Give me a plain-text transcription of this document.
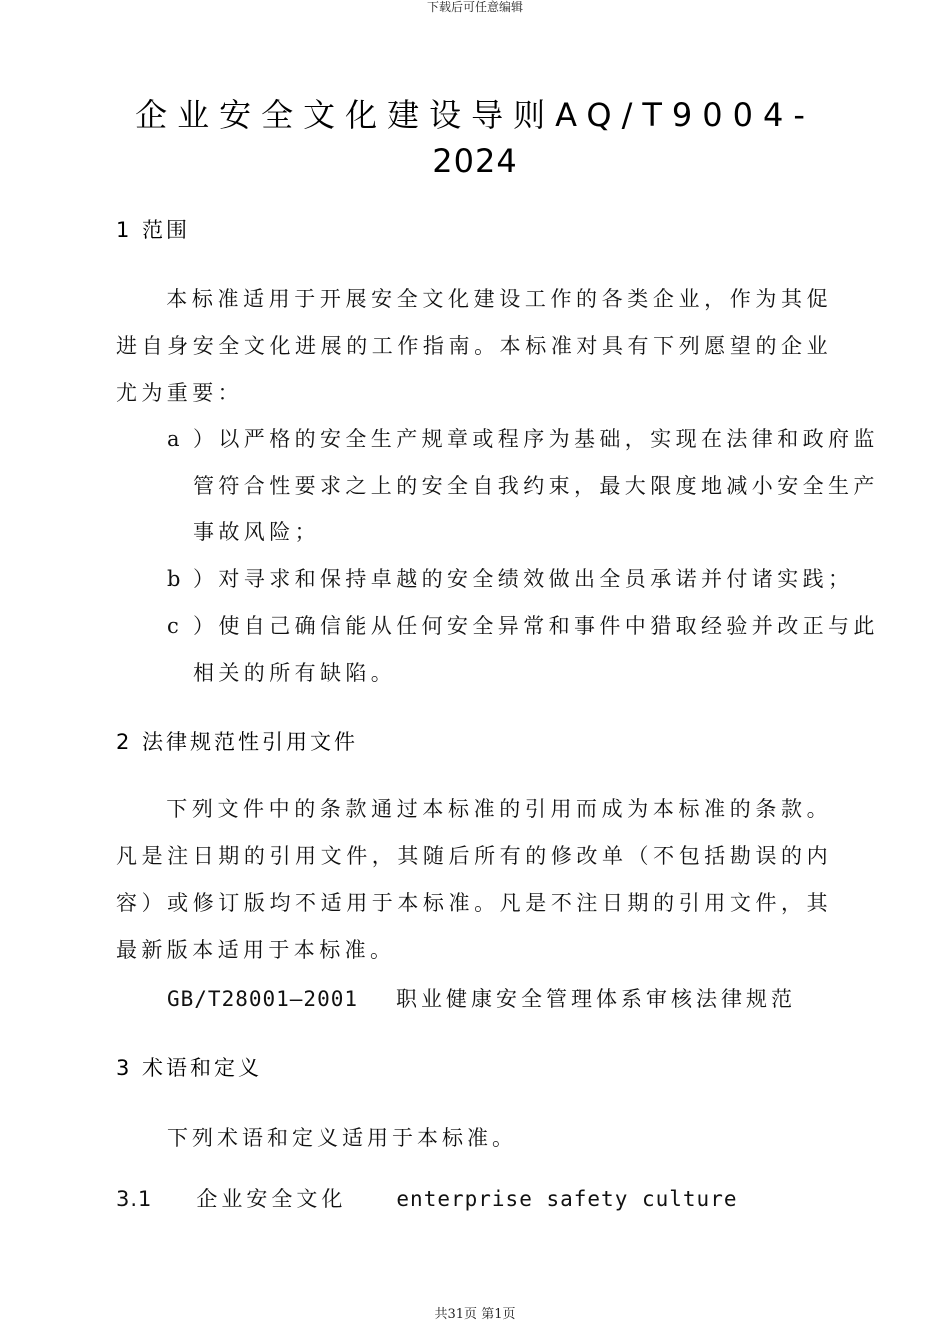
下载后可任意编辑
企业安全文化建设导则AQ/T9004-
2024
1 范围
本标准适用于开展安全文化建设工作的各类企业，作为其促进自身安全文化进展的工作指南。本标准对具有下列愿望的企业尤为重要：
a ）以严格的安全生产规章或程序为基础，实现在法律和政府监管符合性要求之上的安全自我约束，最大限度地减小安全生产事故风险；
b ）对寻求和保持卓越的安全绩效做出全员承诺并付诸实践；
c ）使自己确信能从任何安全异常和事件中猎取经验并改正与此相关的所有缺陷。
2 法律规范性引用文件
下列文件中的条款通过本标准的引用而成为本标准的条款。凡是注日期的引用文件，其随后所有的修改单（不包括勘误的内容）或修订版均不适用于本标准。凡是不注日期的引用文件，其最新版本适用于本标准。
GB/T28001—2001 职业健康安全管理体系审核法律规范
3 术语和定义
下列术语和定义适用于本标准。
3.1 企业安全文化 enterprise safety culture
共31页 第1页
